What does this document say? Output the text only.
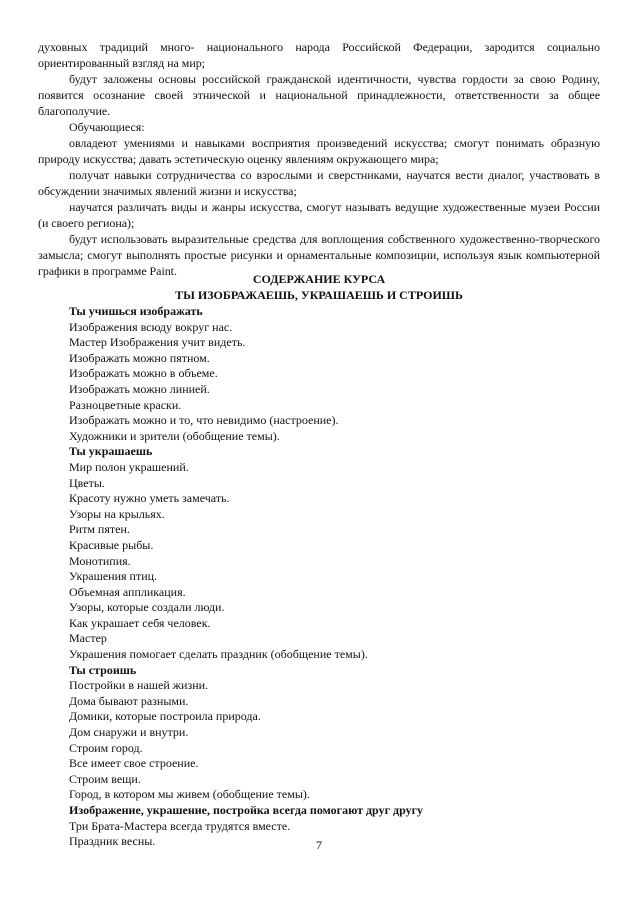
духовных традиций много- национального народа Российской Федерации, зародится социально ориентированный взгляд на мир;

будут заложены основы российской гражданской идентичности, чувства гордости за свою Родину, появится осознание своей этнической и национальной принадлежности, ответственности за общее благополучие.

Обучающиеся:

овладеют умениями и навыками восприятия произведений искусства; смогут понимать образную природу искусства; давать эстетическую оценку явлениям окружающего мира;

получат навыки сотрудничества со взрослыми и сверстниками, научатся вести диалог, участвовать в обсуждении значимых явлений жизни и искусства;

научатся различать виды и жанры искусства, смогут называть ведущие художественные музеи России (и своего региона);

будут использовать выразительные средства для воплощения собственного художественно-творческого замысла; смогут выполнять простые рисунки и орнаментальные композиции, используя язык компьютерной графики в программе Paint.

СОДЕРЖАНИЕ КУРСА
ТЫ ИЗОБРАЖАЕШЬ, УКРАШАЕШЬ И СТРОИШЬ
Ты учишься изображать
Изображения всюду вокруг нас.
Мастер Изображения учит видеть.
Изображать можно пятном.
Изображать можно в объеме.
Изображать можно линией.
Разноцветные краски.
Изображать можно и то, что невидимо (настроение).
Художники и зрители (обобщение темы).
Ты украшаешь
Мир полон украшений.
Цветы.
Красоту нужно уметь замечать.
Узоры на крыльях.
Ритм пятен.
Красивые рыбы.
Монотипия.
Украшения птиц.
Объемная аппликация.
Узоры, которые создали люди.
Как украшает себя человек.
Мастер
Украшения помогает сделать праздник (обобщение темы).
Ты строишь
Постройки в нашей жизни.
Дома бывают разными.
Домики, которые построила природа.
Дом снаружи и внутри.
Строим город.
Все имеет свое строение.
Строим вещи.
Город, в котором мы живем (обобщение темы).
Изображение, украшение, постройка всегда помогают друг другу
Три Брата-Мастера всегда трудятся вместе.
Праздник весны.	7
